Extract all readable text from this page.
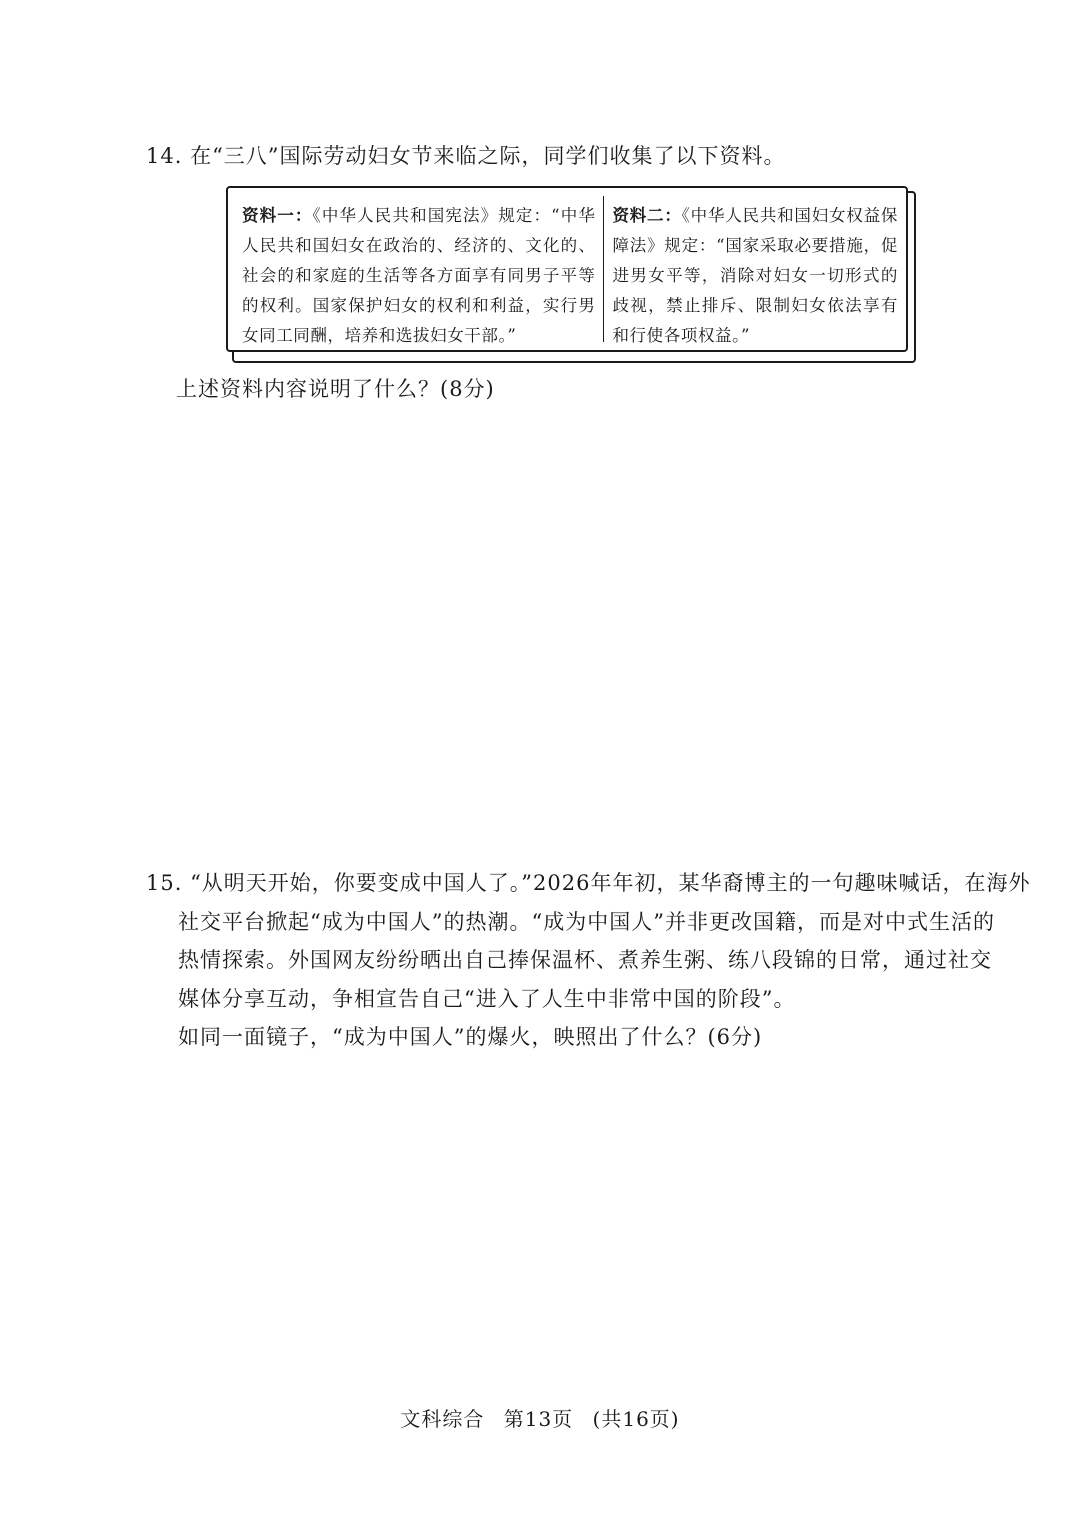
14. 在“三八”国际劳动妇女节来临之际，同学们收集了以下资料。
资料一：《中华人民共和国宪法》规定：“中华人民共和国妇女在政治的、经济的、文化的、社会的和家庭的生活等各方面享有同男子平等的权利。国家保护妇女的权利和利益，实行男女同工同酬，培养和选拔妇女干部。”
资料二：《中华人民共和国妇女权益保障法》规定：“国家采取必要措施，促进男女平等，消除对妇女一切形式的歧视，禁止排斥、限制妇女依法享有和行使各项权益。”
上述资料内容说明了什么？(8分)
15. “从明天开始，你要变成中国人了。”2026年年初，某华裔博主的一句趣味喊话，在海外
社交平台掀起“成为中国人”的热潮。“成为中国人”并非更改国籍，而是对中式生活的
热情探索。外国网友纷纷晒出自己捧保温杯、煮养生粥、练八段锦的日常，通过社交
媒体分享互动，争相宣告自己“进入了人生中非常中国的阶段”。
如同一面镜子，“成为中国人”的爆火，映照出了什么？(6分)
文科综合 第13页 (共16页)
